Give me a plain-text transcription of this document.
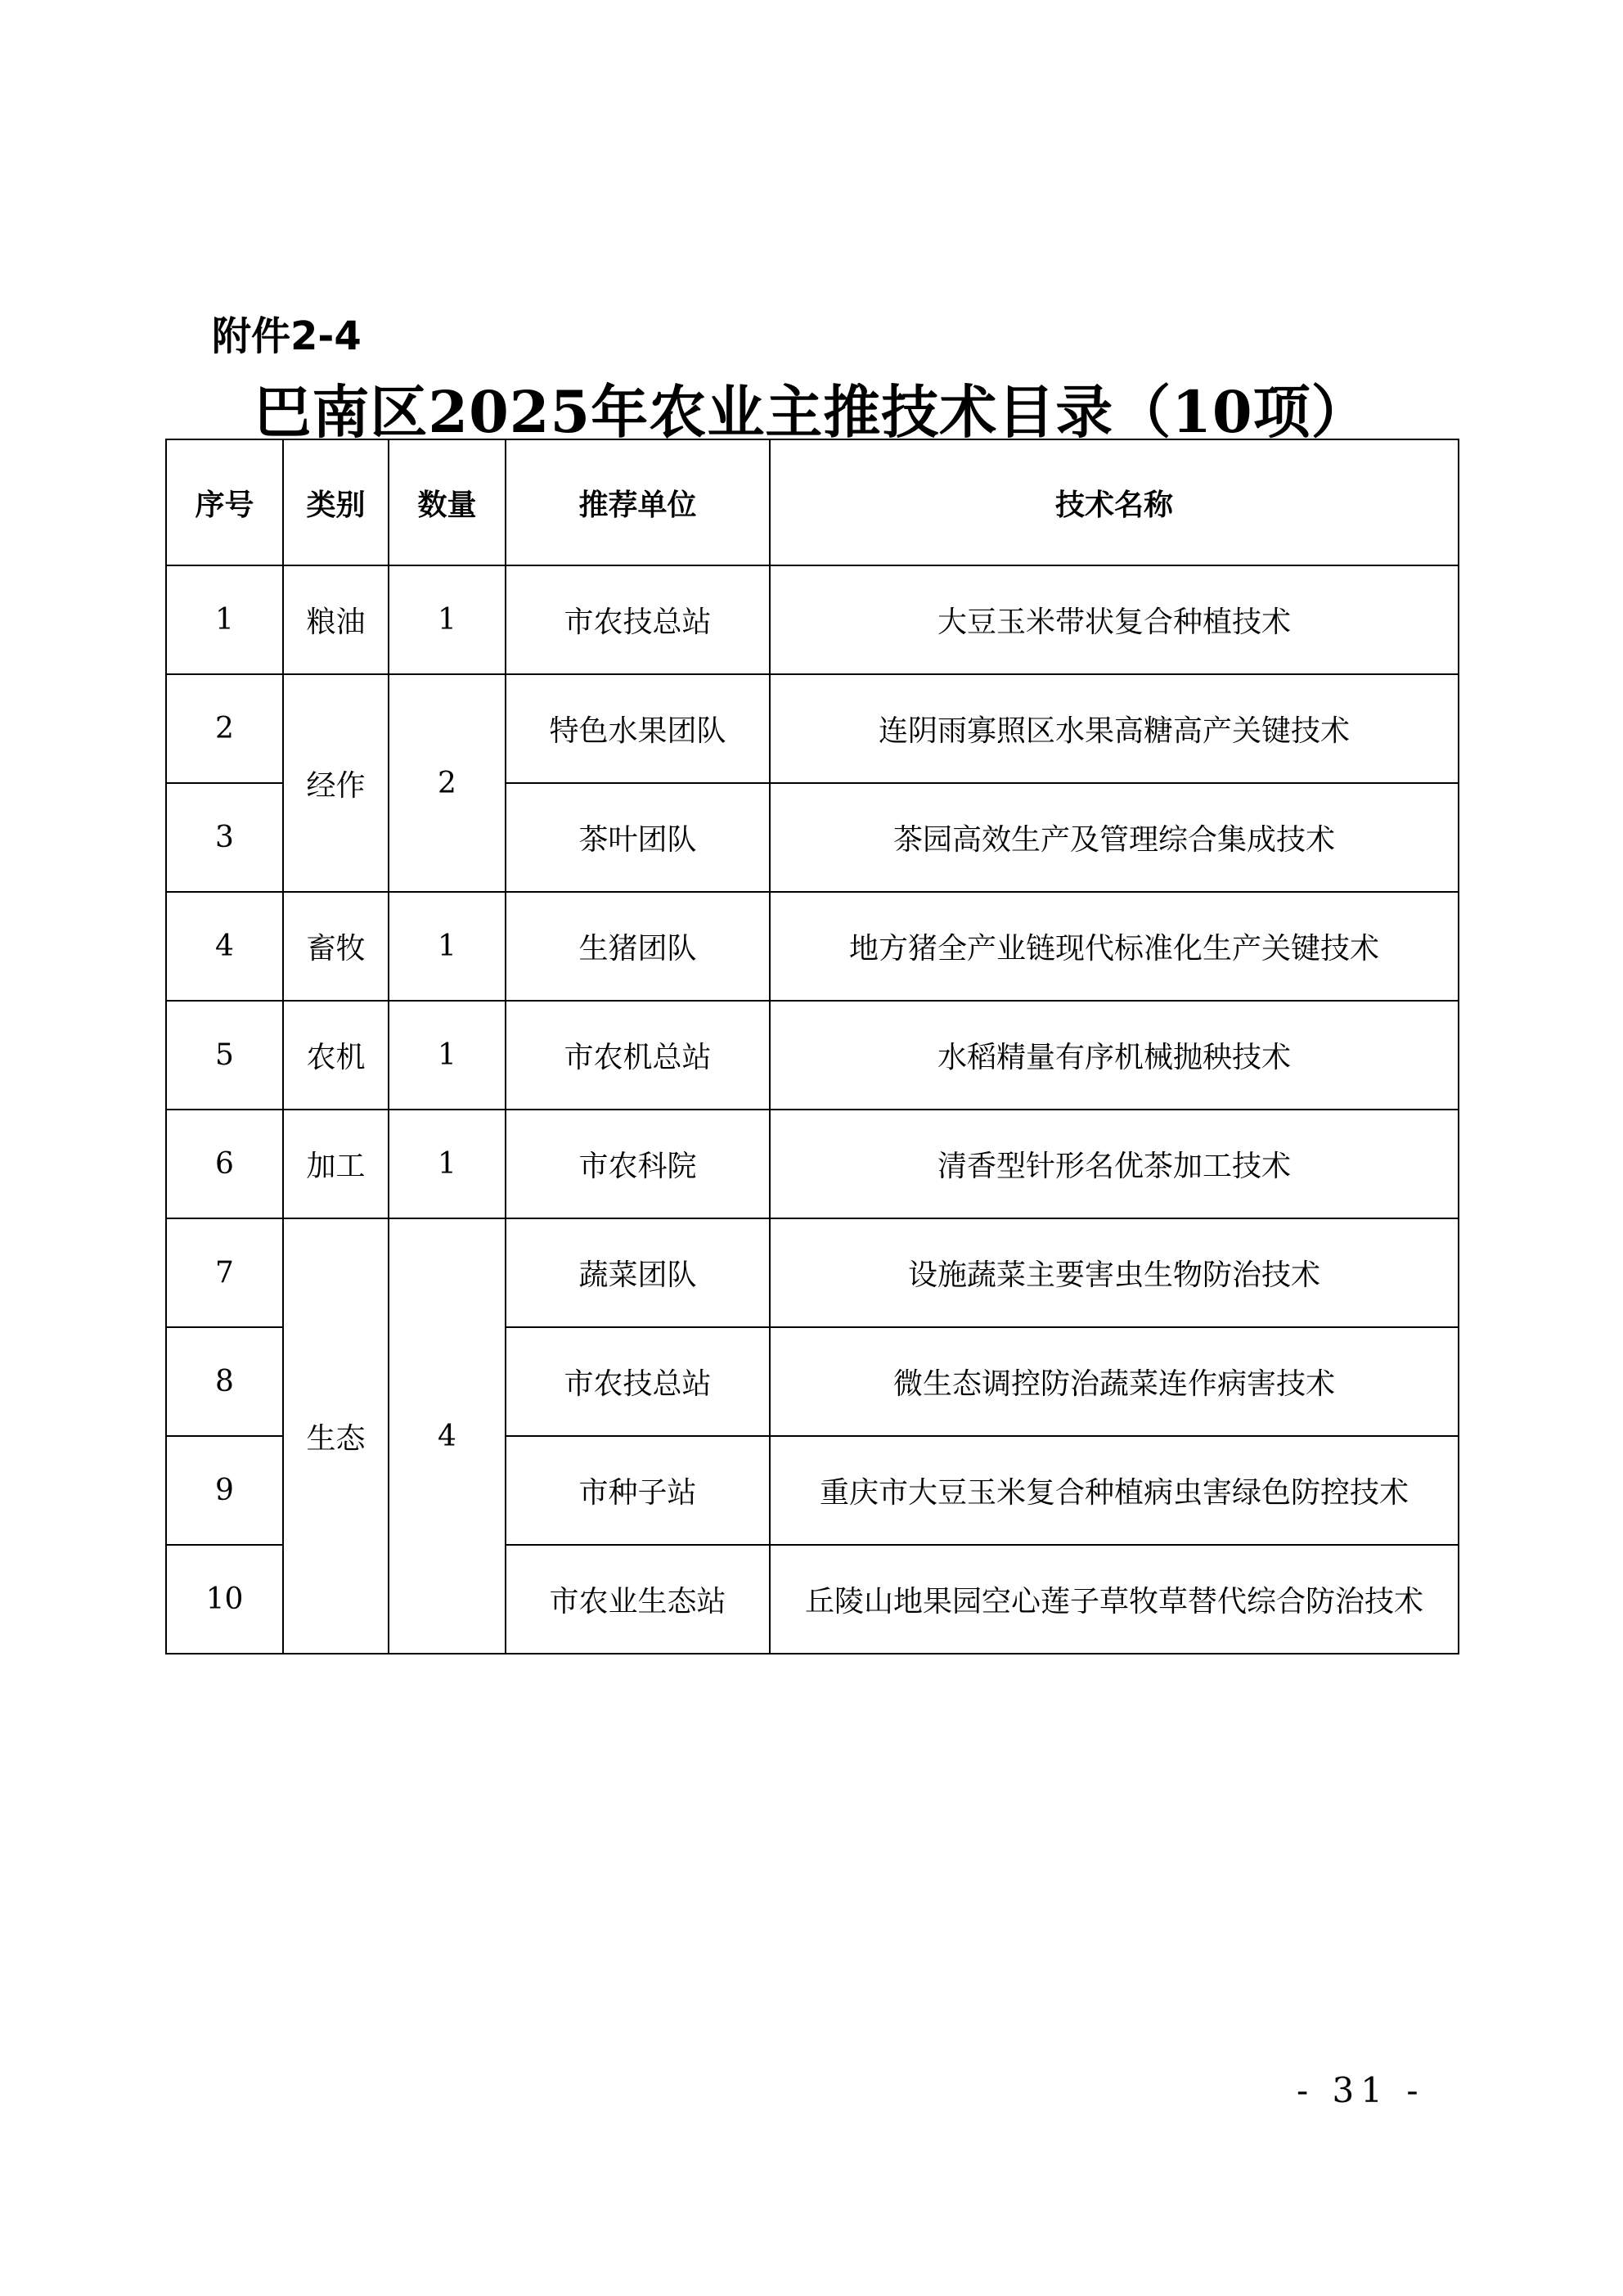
附件2-4
巴南区2025年农业主推技术目录（10项）
序号	类别	数量	推荐单位	技术名称
1	粮油	1	市农技总站	大豆玉米带状复合种植技术
2	经作	2	特色水果团队	连阴雨寡照区水果高糖高产关键技术
3			茶叶团队	茶园高效生产及管理综合集成技术
4	畜牧	1	生猪团队	地方猪全产业链现代标准化生产关键技术
5	农机	1	市农机总站	水稻精量有序机械抛秧技术
6	加工	1	市农科院	清香型针形名优茶加工技术
7	生态	4	蔬菜团队	设施蔬菜主要害虫生物防治技术
8			市农技总站	微生态调控防治蔬菜连作病害技术
9			市种子站	重庆市大豆玉米复合种植病虫害绿色防控技术
10			市农业生态站	丘陵山地果园空心莲子草牧草替代综合防治技术
- 31 -
